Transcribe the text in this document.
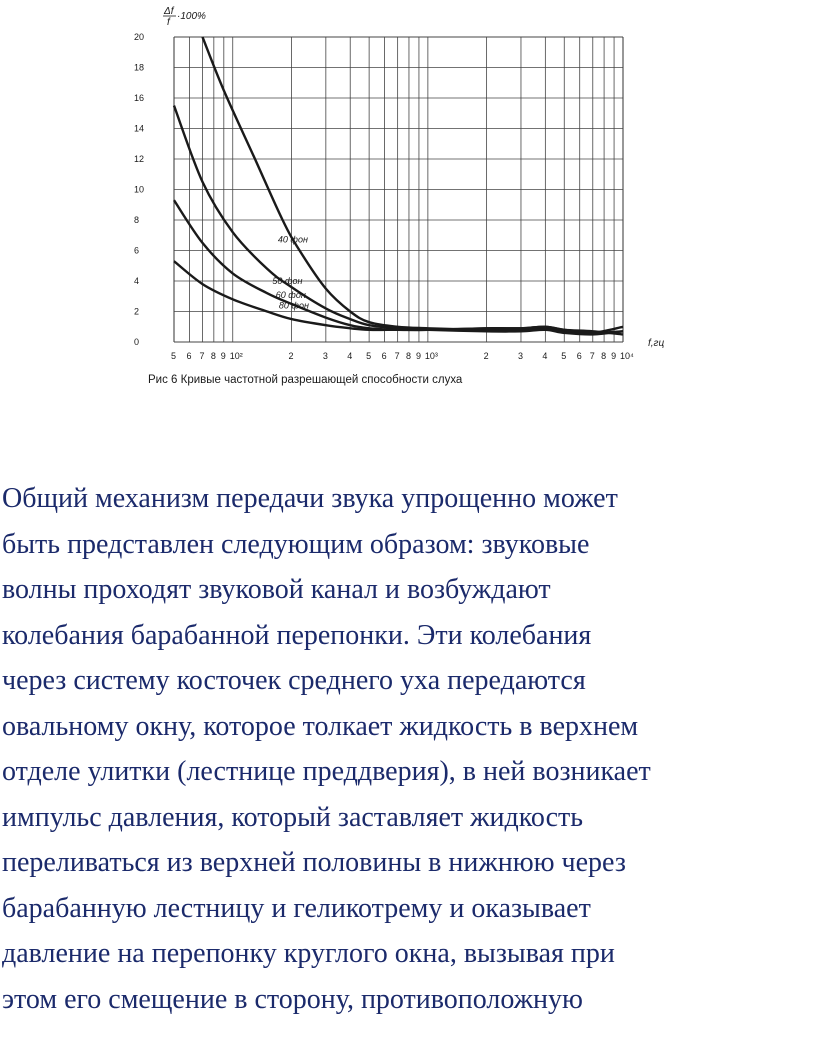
0
2
4
6
8
10
12
14
16
18
20
5 6 7 8 9 10²	2	3 4 5 6 7 8 9 10³	2	3 4 5 6 7 8 9 10⁴
40 фон
50 фон
60 фон
80 фон
Δf
f
·100%
f,гц
Рис 6 Кривые частотной разрешающей способности слуха
Общий механизм передачи звука упрощенно может
быть представлен следующим образом: звуковые
волны проходят звуковой канал и возбуждают
колебания барабанной перепонки. Эти колебания
через систему косточек среднего уха передаются
овальному окну, которое толкает жидкость в верхнем
отделе улитки (лестнице преддверия), в ней возникает
импульс давления, который заставляет жидкость
переливаться из верхней половины в нижнюю через
барабанную лестницу и геликотрему и оказывает
давление на перепонку круглого окна, вызывая при
этом его смещение в сторону, противоположную
